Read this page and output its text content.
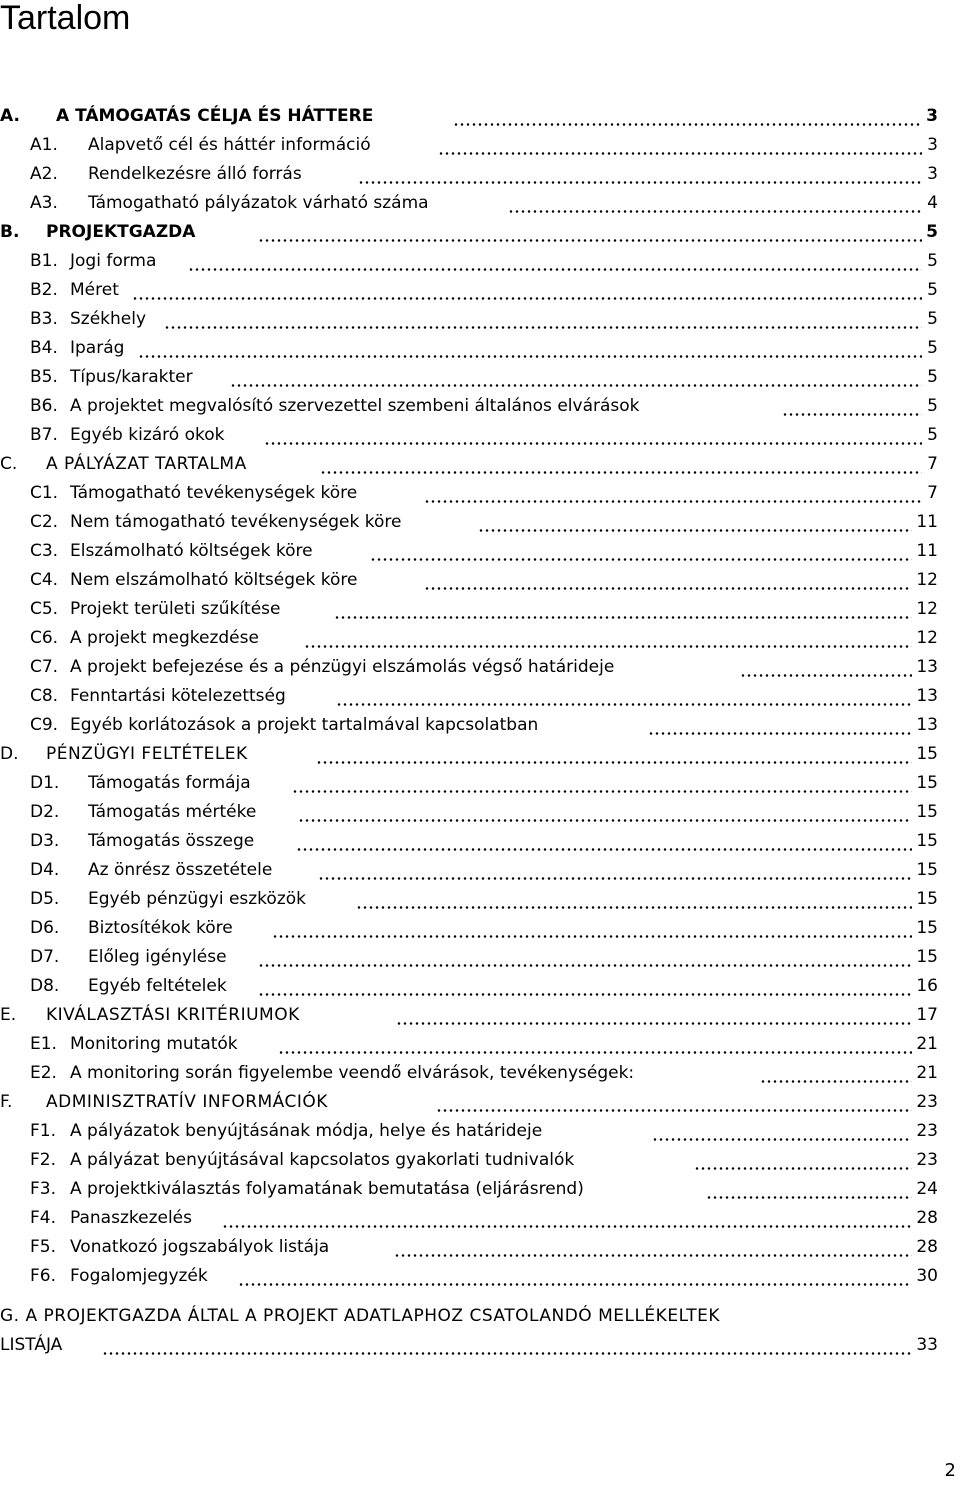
Tartalom
A. A TÁMOGATÁS CÉLJA ÉS HÁTTERE	3
A1. Alapvető cél és háttér információ	3
A2. Rendelkezésre álló forrás	3
A3. Támogatható pályázatok várható száma	4
B. PROJEKTGAZDA	5
B1. Jogi forma	5
B2. Méret	5
B3. Székhely	5
B4. Iparág	5
B5. Típus/karakter	5
B6. A projektet megvalósító szervezettel szembeni általános elvárások	5
B7. Egyéb kizáró okok	5
C. A PÁLYÁZAT TARTALMA	7
C1. Támogatható tevékenységek köre	7
C2. Nem támogatható tevékenységek köre	11
C3. Elszámolható költségek köre	11
C4. Nem elszámolható költségek köre	12
C5. Projekt területi szűkítése	12
C6. A projekt megkezdése	12
C7. A projekt befejezése és a pénzügyi elszámolás végső határideje	13
C8. Fenntartási kötelezettség	13
C9. Egyéb korlátozások a projekt tartalmával kapcsolatban	13
D. PÉNZÜGYI FELTÉTELEK	15
D1. Támogatás formája	15
D2. Támogatás mértéke	15
D3. Támogatás összege	15
D4. Az önrész összetétele	15
D5. Egyéb pénzügyi eszközök	15
D6. Biztosítékok köre	15
D7. Előleg igénylése	15
D8. Egyéb feltételek	16
E. KIVÁLASZTÁSI KRITÉRIUMOK	17
E1. Monitoring mutatók	21
E2. A monitoring során figyelembe veendő elvárások, tevékenységek:	21
F. ADMINISZTRATÍV INFORMÁCIÓK	23
F1. A pályázatok benyújtásának módja, helye és határideje	23
F2. A pályázat benyújtásával kapcsolatos gyakorlati tudnivalók	23
F3. A projektkiválasztás folyamatának bemutatása (eljárásrend)	24
F4. Panaszkezelés	28
F5. Vonatkozó jogszabályok listája	28
F6. Fogalomjegyzék	30
G. A PROJEKTGAZDA ÁLTAL A PROJEKT ADATLAPHOZ CSATOLANDÓ MELLÉKELTEK
LISTÁJA	33
2
